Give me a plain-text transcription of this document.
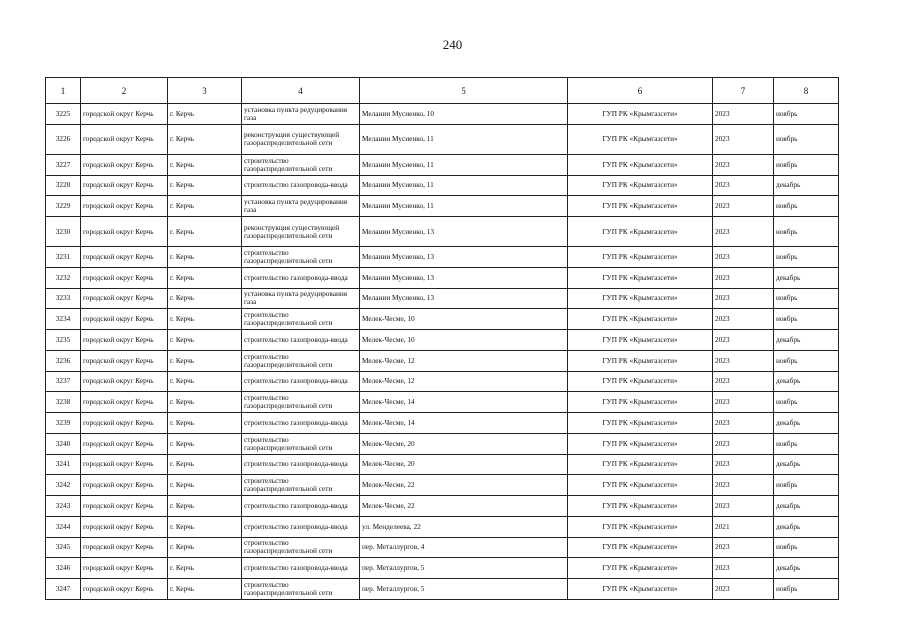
240
1	2	3	4	5	6	7	8
3225	городской округ Керчь	г. Керчь	установка пункта редуцирования газа	Мелании Мусиенко, 10	ГУП РК «Крымгазсети»	2023	ноябрь
3226	городской округ Керчь	г. Керчь	реконструкция существующей газораспределительной сети	Мелании Мусиенко, 11	ГУП РК «Крымгазсети»	2023	ноябрь
3227	городской округ Керчь	г. Керчь	строительство газораспределительной сети	Мелании Мусиенко, 11	ГУП РК «Крымгазсети»	2023	ноябрь
3228	городской округ Керчь	г. Керчь	строительство газопровода-ввода	Мелании Мусиенко, 11	ГУП РК «Крымгазсети»	2023	декабрь
3229	городской округ Керчь	г. Керчь	установка пункта редуцирования газа	Мелании Мусиенко, 11	ГУП РК «Крымгазсети»	2023	ноябрь
3230	городской округ Керчь	г. Керчь	реконструкция существующей газораспределительной сети	Мелании Мусиенко, 13	ГУП РК «Крымгазсети»	2023	ноябрь
3231	городской округ Керчь	г. Керчь	строительство газораспределительной сети	Мелании Мусиенко, 13	ГУП РК «Крымгазсети»	2023	ноябрь
3232	городской округ Керчь	г. Керчь	строительство газопровода-ввода	Мелании Мусиенко, 13	ГУП РК «Крымгазсети»	2023	декабрь
3233	городской округ Керчь	г. Керчь	установка пункта редуцирования газа	Мелании Мусиенко, 13	ГУП РК «Крымгазсети»	2023	ноябрь
3234	городской округ Керчь	г. Керчь	строительство газораспределительной сети	Мелек-Чесме, 10	ГУП РК «Крымгазсети»	2023	ноябрь
3235	городской округ Керчь	г. Керчь	строительство газопровода-ввода	Мелек-Чесме, 10	ГУП РК «Крымгазсети»	2023	декабрь
3236	городской округ Керчь	г. Керчь	строительство газораспределительной сети	Мелек-Чесме, 12	ГУП РК «Крымгазсети»	2023	ноябрь
3237	городской округ Керчь	г. Керчь	строительство газопровода-ввода	Мелек-Чесме, 12	ГУП РК «Крымгазсети»	2023	декабрь
3238	городской округ Керчь	г. Керчь	строительство газораспределительной сети	Мелек-Чесме, 14	ГУП РК «Крымгазсети»	2023	ноябрь
3239	городской округ Керчь	г. Керчь	строительство газопровода-ввода	Мелек-Чесме, 14	ГУП РК «Крымгазсети»	2023	декабрь
3240	городской округ Керчь	г. Керчь	строительство газораспределительной сети	Мелек-Чесме, 20	ГУП РК «Крымгазсети»	2023	ноябрь
3241	городской округ Керчь	г. Керчь	строительство газопровода-ввода	Мелек-Чесме, 20	ГУП РК «Крымгазсети»	2023	декабрь
3242	городской округ Керчь	г. Керчь	строительство газораспределительной сети	Мелек-Чесме, 22	ГУП РК «Крымгазсети»	2023	ноябрь
3243	городской округ Керчь	г. Керчь	строительство газопровода-ввода	Мелек-Чесме, 22	ГУП РК «Крымгазсети»	2023	декабрь
3244	городской округ Керчь	г. Керчь	строительство газопровода-ввода	ул. Менделеева, 22	ГУП РК «Крымгазсети»	2021	декабрь
3245	городской округ Керчь	г. Керчь	строительство газораспределительной сети	пер. Металлургов, 4	ГУП РК «Крымгазсети»	2023	ноябрь
3246	городской округ Керчь	г. Керчь	строительство газопровода-ввода	пер. Металлургов, 5	ГУП РК «Крымгазсети»	2023	декабрь
3247	городской округ Керчь	г. Керчь	строительство газораспределительной сети	пер. Металлургов, 5	ГУП РК «Крымгазсети»	2023	ноябрь
